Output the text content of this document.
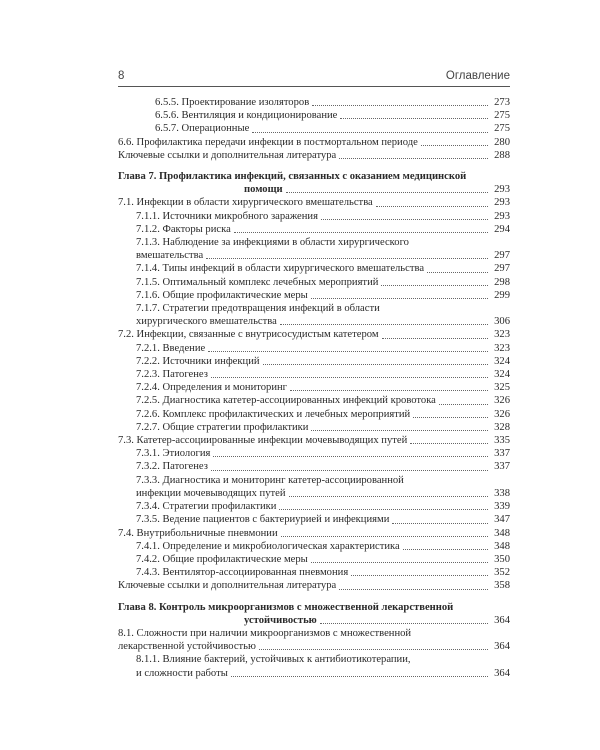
8	Оглавление
6.5.5. Проектирование изоляторов	273
6.5.6. Вентиляция и кондиционирование	275
6.5.7. Операционные	275
6.6. Профилактика передачи инфекции в постмортальном периоде	280
Ключевые ссылки и дополнительная литература	288
Глава 7. Профилактика инфекций, связанных с оказанием медицинской
помощи	293
7.1. Инфекции в области хирургического вмешательства	293
7.1.1. Источники микробного заражения	293
7.1.2. Факторы риска	294
7.1.3. Наблюдение за инфекциями в области хирургического
вмешательства	297
7.1.4. Типы инфекций в области хирургического вмешательства	297
7.1.5. Оптимальный комплекс лечебных мероприятий	298
7.1.6. Общие профилактические меры	299
7.1.7. Стратегии предотвращения инфекций в области
хирургического вмешательства	306
7.2. Инфекции, связанные с внутрисосудистым катетером	323
7.2.1. Введение	323
7.2.2. Источники инфекций	324
7.2.3. Патогенез	324
7.2.4. Определения и мониторинг	325
7.2.5. Диагностика катетер-ассоциированных инфекций кровотока	326
7.2.6. Комплекс профилактических и лечебных мероприятий	326
7.2.7. Общие стратегии профилактики	328
7.3. Катетер-ассоциированные инфекции мочевыводящих путей	335
7.3.1. Этиология	337
7.3.2. Патогенез	337
7.3.3. Диагностика и мониторинг катетер-ассоциированной
инфекции мочевыводящих путей	338
7.3.4. Стратегии профилактики	339
7.3.5. Ведение пациентов с бактериурией и инфекциями	347
7.4. Внутрибольничные пневмонии	348
7.4.1. Определение и микробиологическая характеристика	348
7.4.2. Общие профилактические меры	350
7.4.3. Вентилятор-ассоциированная пневмония	352
Ключевые ссылки и дополнительная литература	358
Глава 8. Контроль микроорганизмов с множественной лекарственной
устойчивостью	364
8.1. Сложности при наличии микроорганизмов с множественной
лекарственной устойчивостью	364
8.1.1. Влияние бактерий, устойчивых к антибиотикотерапии,
и сложности работы	364
